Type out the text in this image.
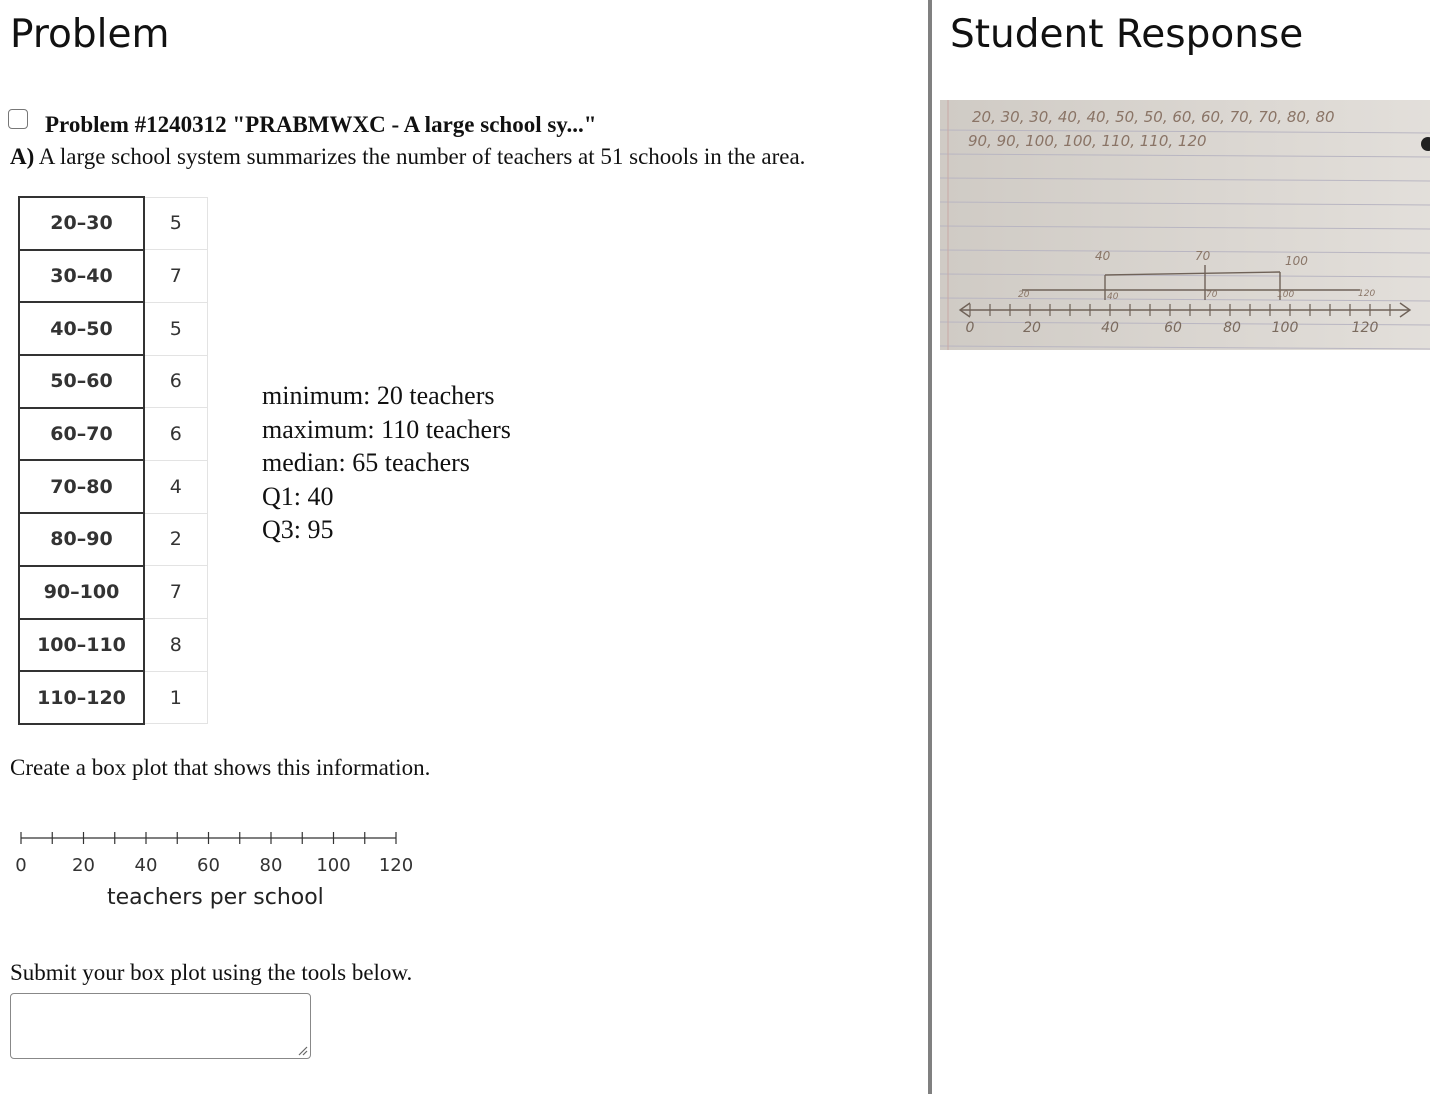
Problem	Student Response
Problem #1240312 "PRABMWXC - A large school sy..."
A) A large school system summarizes the number of teachers at 51 schools in the area.
20–30	5
30–40	7
40–50	5
50–60	6
60–70	6
70–80	4
80–90	2
90–100	7
100–110	8
110–120	1
minimum: 20 teachers
maximum: 110 teachers
median: 65 teachers
Q1: 40
Q3: 95
Create a box plot that shows this information.
0	20 40 60 80 100 120
teachers per school
Submit your box plot using the tools below.
20, 30, 30, 40, 40, 50, 50, 60, 60, 70, 70, 80, 80
90, 90, 100, 100, 110, 110, 120
0	20	40	60	80 100	120
40	70	100
20	40	70	100	120
